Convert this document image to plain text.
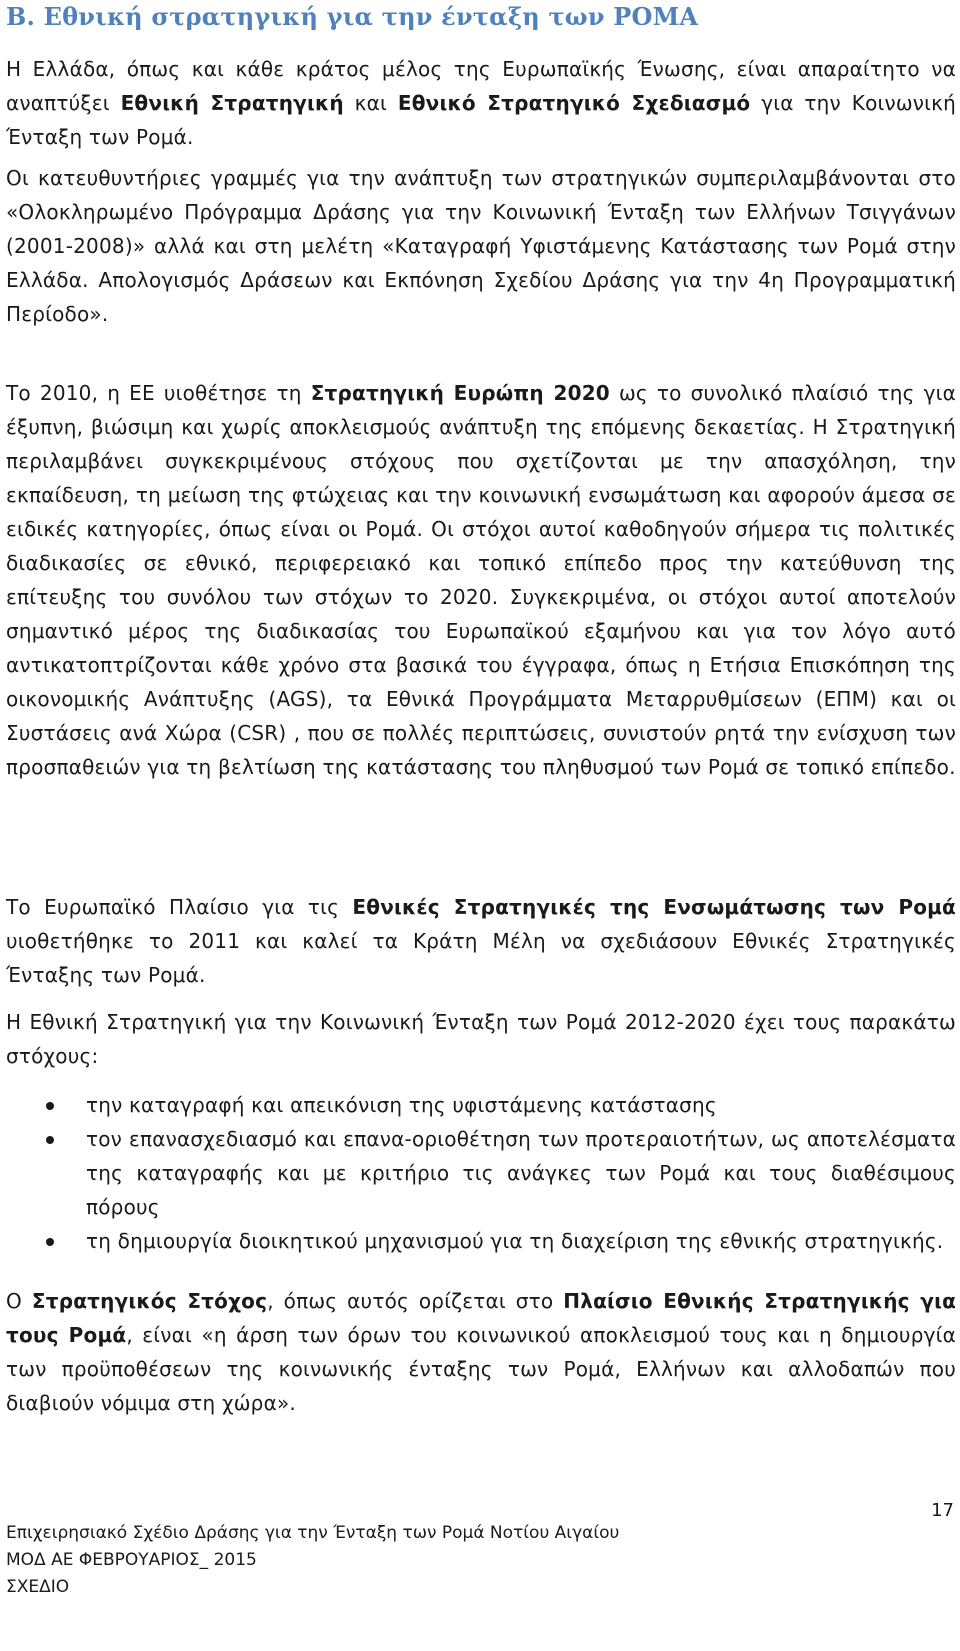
Β. Εθνική στρατηγική για την ένταξη των ΡΟΜΑ

Η Ελλάδα, όπως και κάθε κράτος μέλος της Ευρωπαϊκής Ένωσης, είναι απαραίτητο να αναπτύξει Εθνική Στρατηγική και Εθνικό Στρατηγικό Σχεδιασμό για την Κοινωνική Ένταξη των Ρομά.

Οι κατευθυντήριες γραμμές για την ανάπτυξη των στρατηγικών συμπεριλαμβάνονται στο «Ολοκληρωμένο Πρόγραμμα Δράσης για την Κοινωνική Ένταξη των Ελλήνων Τσιγγάνων (2001-2008)» αλλά και στη μελέτη «Καταγραφή Υφιστάμενης Κατάστασης των Ρομά στην Ελλάδα. Απολογισμός Δράσεων και Εκπόνηση Σχεδίου Δράσης για την 4η Προγραμματική Περίοδο».

Το 2010, η ΕΕ υιοθέτησε τη Στρατηγική Ευρώπη 2020 ως το συνολικό πλαίσιό της για έξυπνη, βιώσιμη και χωρίς αποκλεισμούς ανάπτυξη της επόμενης δεκαετίας. Η Στρατηγική περιλαμβάνει συγκεκριμένους στόχους που σχετίζονται με την απασχόληση, την εκπαίδευση, τη μείωση της φτώχειας και την κοινωνική ενσωμάτωση και αφορούν άμεσα σε ειδικές κατηγορίες, όπως είναι οι Ρομά. Οι στόχοι αυτοί καθοδηγούν σήμερα τις πολιτικές διαδικασίες σε εθνικό, περιφερειακό και τοπικό επίπεδο προς την κατεύθυνση της επίτευξης του συνόλου των στόχων το 2020. Συγκεκριμένα, οι στόχοι αυτοί αποτελούν σημαντικό μέρος της διαδικασίας του Ευρωπαϊκού εξαμήνου και για τον λόγο αυτό αντικατοπτρίζονται κάθε χρόνο στα βασικά του έγγραφα, όπως η Ετήσια Επισκόπηση της οικονομικής Ανάπτυξης (AGS), τα Εθνικά Προγράμματα Μεταρρυθμίσεων (ΕΠΜ) και οι Συστάσεις ανά Χώρα (CSR) , που σε πολλές περιπτώσεις, συνιστούν ρητά την ενίσχυση των προσπαθειών για τη βελτίωση της κατάστασης του πληθυσμού των Ρομά σε τοπικό επίπεδο.

Το Ευρωπαϊκό Πλαίσιο για τις Εθνικές Στρατηγικές της Ενσωμάτωσης των Ρομά υιοθετήθηκε το 2011 και καλεί τα Κράτη Μέλη να σχεδιάσουν Εθνικές Στρατηγικές Ένταξης των Ρομά.

Η Εθνική Στρατηγική για την Κοινωνική Ένταξη των Ρομά 2012-2020 έχει τους παρακάτω στόχους:

την καταγραφή και απεικόνιση της υφιστάμενης κατάστασης
τον επανασχεδιασμό και επανα-οριοθέτηση των προτεραιοτήτων, ως αποτελέσματα της καταγραφής και με κριτήριο τις ανάγκες των Ρομά και τους διαθέσιμους πόρους
τη δημιουργία διοικητικού μηχανισμού για τη διαχείριση της εθνικής στρατηγικής.

Ο Στρατηγικός Στόχος, όπως αυτός ορίζεται στο Πλαίσιο Εθνικής Στρατηγικής για τους Ρομά, είναι «η άρση των όρων του κοινωνικού αποκλεισμού τους και η δημιουργία των προϋποθέσεων της κοινωνικής ένταξης των Ρομά, Ελλήνων και αλλοδαπών που διαβιούν νόμιμα στη χώρα».

17
Επιχειρησιακό Σχέδιο Δράσης για την Ένταξη των Ρομά Νοτίου Αιγαίου
ΜΟΔ ΑΕ ΦΕΒΡΟΥΑΡΙΟΣ_ 2015
ΣΧΕΔΙΟ
